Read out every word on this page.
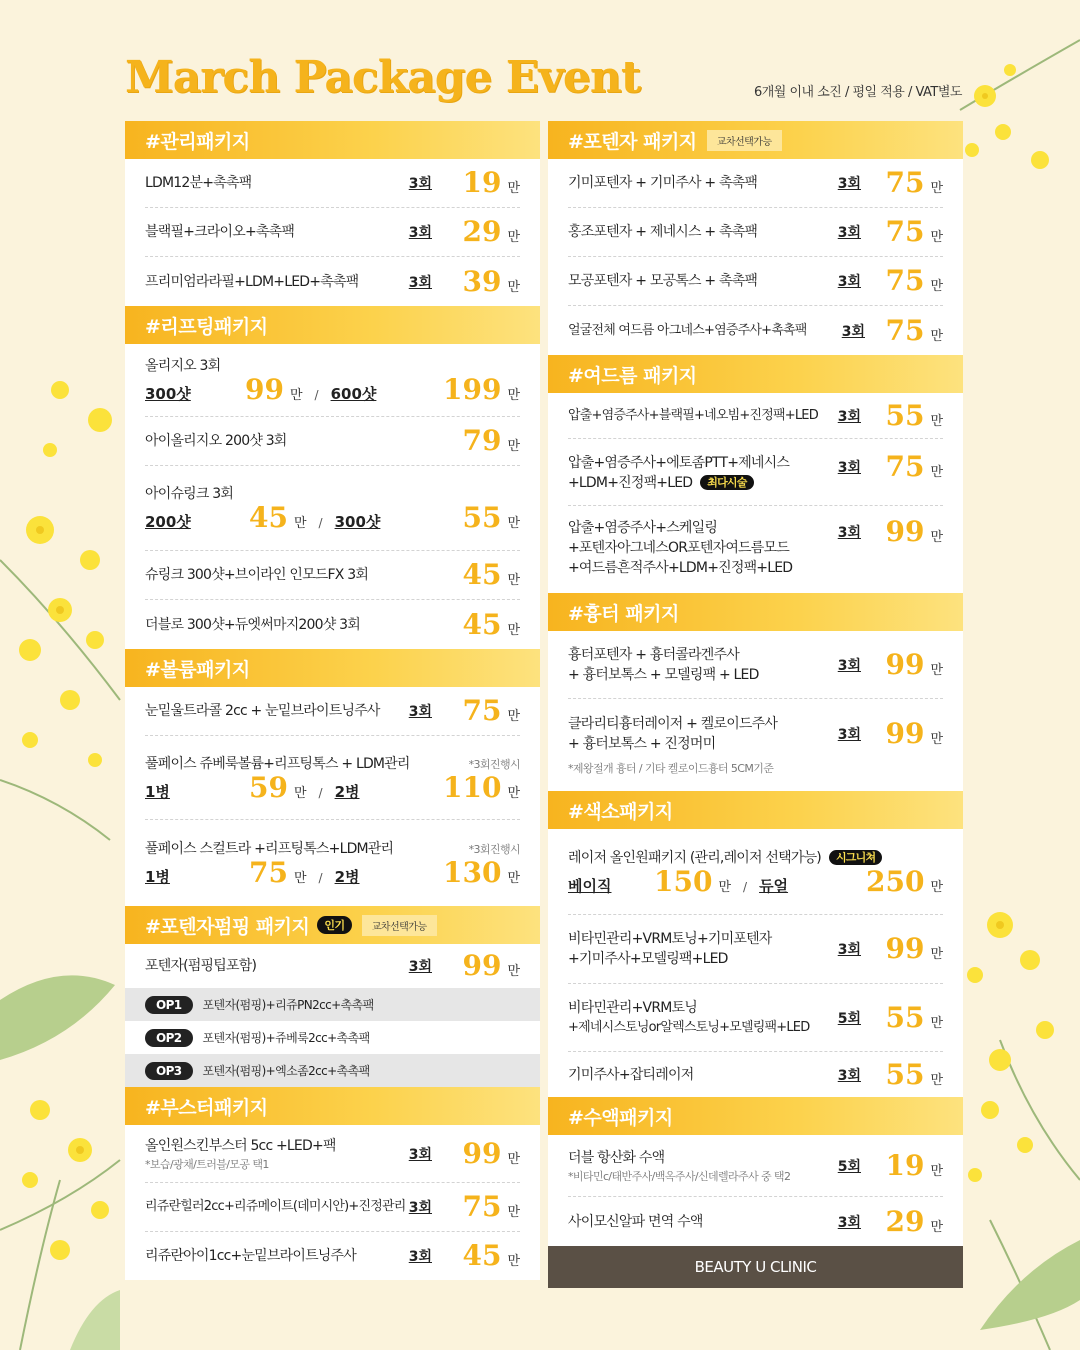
March Package Event	6개월 이내 소진 / 평일 적용 / VAT별도
#관리패키지
LDM12분+촉촉팩	3회 19 만
블랙필+크라이오+촉촉팩	3회 29 만
프리미엄라라필+LDM+LED+촉촉팩	3회 39 만
#리프팅패키지
올리지오 3회
300샷	99 만 / 600샷 199 만
아이올리지오 200샷 3회	79 만
아이슈링크 3회
200샷	45 만 / 300샷	55 만
슈링크 300샷+브이라인 인모드FX 3회	45 만
더블로 300샷+듀엣써마지200샷 3회	45 만
#볼륨패키지
눈밑울트라콜 2cc + 눈밑브라이트닝주사 3회 75 만
풀페이스 쥬베룩볼륨+리프팅톡스 + LDM관리	*3회진행시
1병	59 만 / 2병	110 만
풀페이스 스컬트라 +리프팅톡스+LDM관리	*3회진행시
1병	75 만 / 2병	130 만
#포텐자펌핑 패키지	인기	교차선택가능
포텐자(펌핑팁포함)	3회 99 만
OP1	포텐자(펌핑)+리쥬PN2cc+촉촉팩
OP2	포텐자(펌핑)+쥬베룩2cc+촉촉팩
OP3	포텐자(펌핑)+엑소좀2cc+촉촉팩
#부스터패키지
올인원스킨부스터 5cc +LED+팩
*보습/광채/트러블/모공 택1
3회 99 만
리쥬란힐러2cc+리쥬메이트(데미시안)+진정관리 3회 75 만
리쥬란아이1cc+눈밑브라이트닝주사	3회 45 만
#포텐자 패키지	교차선택가능
기미포텐자 + 기미주사 + 촉촉팩	3회 75 만
홍조포텐자 + 제네시스 + 촉촉팩	3회 75 만
모공포텐자 + 모공톡스 + 촉촉팩	3회 75 만
얼굴전체 여드름 아그네스+염증주사+촉촉팩	3회 75 만
#여드름 패키지
압출+염증주사+블랙필+네오빔+진정팩+LED 3회 55 만
압출+염증주사+에토좀PTT+제네시스
+LDM+진정팩+LED 최다시술
3회 75 만
압출+염증주사+스케일링
+포텐자아그네스OR포텐자여드름모드
+여드름흔적주사+LDM+진정팩+LED
3회 99 만
#흉터 패키지
흉터포텐자 + 흉터콜라겐주사
+ 흉터보톡스 + 모델링팩 + LED
3회 99 만
클라리티흉터레이저 + 켈로이드주사
+ 흉터보톡스 + 진정머미
3회 99 만
*제왕절개 흉터 / 기타 켈로이드흉터 5CM기준
#색소패키지
레이저 올인원패키지 (관리,레이저 선택가능) 시그니쳐
베이직	150 만 / 듀얼	250 만
비타민관리+VRM토닝+기미포텐자
+기미주사+모델링팩+LED
3회 99 만
비타민관리+VRM토닝
+제네시스토닝or알렉스토닝+모델링팩+LED
5회 55 만
기미주사+잡티레이저	3회 55 만
#수액패키지
더블 항산화 수액
*비타민c/태반주사/백옥주사/신데렐라주사 중 택2
5회 19 만
사이모신알파 면역 수액	3회 29 만
BEAUTY U CLINIC
